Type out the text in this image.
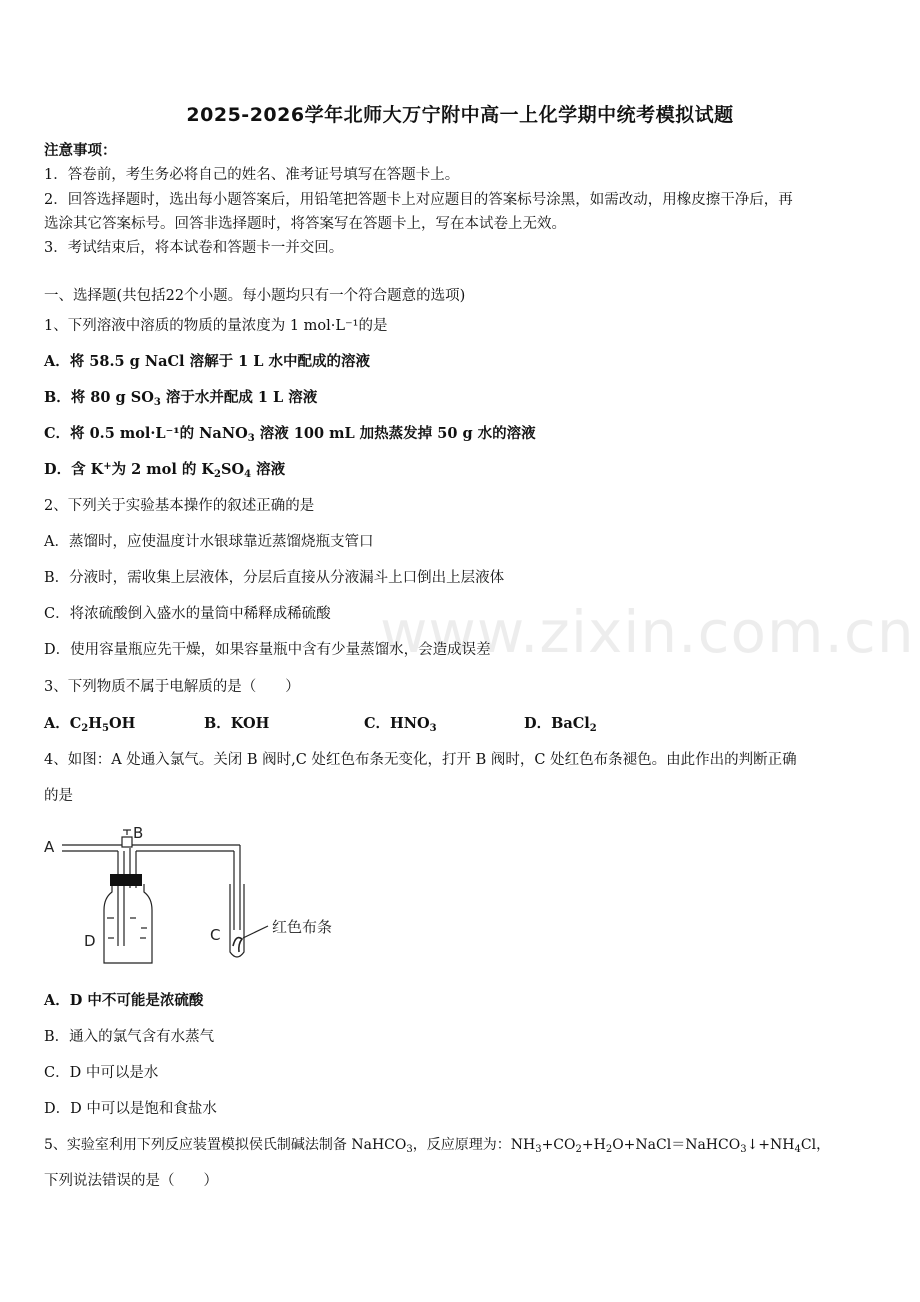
2025-2026学年北师大万宁附中高一上化学期中统考模拟试题
注意事项：
1．答卷前，考生务必将自己的姓名、准考证号填写在答题卡上。
2．回答选择题时，选出每小题答案后，用铅笔把答题卡上对应题目的答案标号涂黑，如需改动，用橡皮擦干净后，再
选涂其它答案标号。回答非选择题时，将答案写在答题卡上，写在本试卷上无效。
3．考试结束后，将本试卷和答题卡一并交回。
一、选择题(共包括22个小题。每小题均只有一个符合题意的选项)
1、下列溶液中溶质的物质的量浓度为 1 mol·L⁻¹的是
A．将 58.5 g NaCl 溶解于 1 L 水中配成的溶液
B．将 80 g $SO_3$ 溶于水并配成 1 L 溶液
C．将 0.5 mol·L⁻¹的 NaNO$_3$ 溶液 100 mL 加热蒸发掉 50 g 水的溶液
D．含 K+为 2 mol 的 $K_2SO_4$ 溶液
2、下列关于实验基本操作的叙述正确的是
A．蒸馏时，应使温度计水银球靠近蒸馏烧瓶支管口
B．分液时，需收集上层液体，分层后直接从分液漏斗上口倒出上层液体
C．将浓硫酸倒入盛水的量筒中稀释成稀硫酸
D．使用容量瓶应先干燥，如果容量瓶中含有少量蒸馏水，会造成误差
www.zixin.com.cn
3、下列物质不属于电解质的是（　　）
A．$C_2H_5OH$	B．KOH	C．$HNO_3$	D．BaCl$_2$
4、如图：A 处通入氯气。关闭 B 阀时,C 处红色布条无变化，打开 B 阀时，C 处红色布条褪色。由此作出的判断正确
的是
A
B
D	C	红色布条
A．D 中不可能是浓硫酸
B．通入的氯气含有水蒸气
C．D 中可以是水
D．D 中可以是饱和食盐水
5、实验室利用下列反应装置模拟侯氏制碱法制备 NaHCO$_3$，反应原理为：$NH_3+CO_2+H_2O+NaCl=NaHCO_3↓+NH_4Cl$，
下列说法错误的是（　　）
